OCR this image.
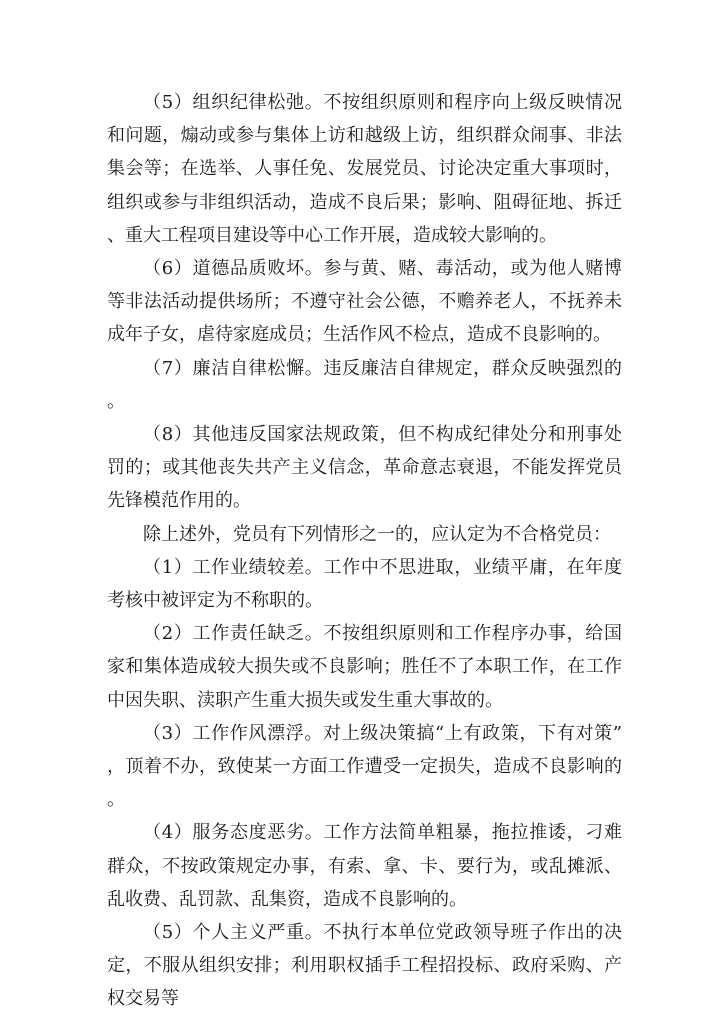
（5）组织纪律松弛。不按组织原则和程序向上级反映情况和问题，煽动或参与集体上访和越级上访，组织群众闹事、非法集会等；在选举、人事任免、发展党员、讨论决定重大事项时，组织或参与非组织活动，造成不良后果；影响、阻碍征地、拆迁、重大工程项目建设等中心工作开展，造成较大影响的。

（6）道德品质败坏。参与黄、赌、毒活动，或为他人赌博等非法活动提供场所；不遵守社会公德，不赡养老人，不抚养未成年子女，虐待家庭成员；生活作风不检点，造成不良影响的。

（7）廉洁自律松懈。违反廉洁自律规定，群众反映强烈的。

（8）其他违反国家法规政策，但不构成纪律处分和刑事处罚的；或其他丧失共产主义信念，革命意志衰退，不能发挥党员先锋模范作用的。

除上述外，党员有下列情形之一的，应认定为不合格党员：

（1）工作业绩较差。工作中不思进取，业绩平庸，在年度考核中被评定为不称职的。

（2）工作责任缺乏。不按组织原则和工作程序办事，给国家和集体造成较大损失或不良影响；胜任不了本职工作，在工作中因失职、渎职产生重大损失或发生重大事故的。

（3）工作作风漂浮。对上级决策搞“上有政策，下有对策”，顶着不办，致使某一方面工作遭受一定损失，造成不良影响的。

（4）服务态度恶劣。工作方法简单粗暴，拖拉推诿，刁难群众，不按政策规定办事，有索、拿、卡、要行为，或乱摊派、乱收费、乱罚款、乱集资，造成不良影响的。

（5）个人主义严重。不执行本单位党政领导班子作出的决定，不服从组织安排；利用职权插手工程招投标、政府采购、产权交易等
